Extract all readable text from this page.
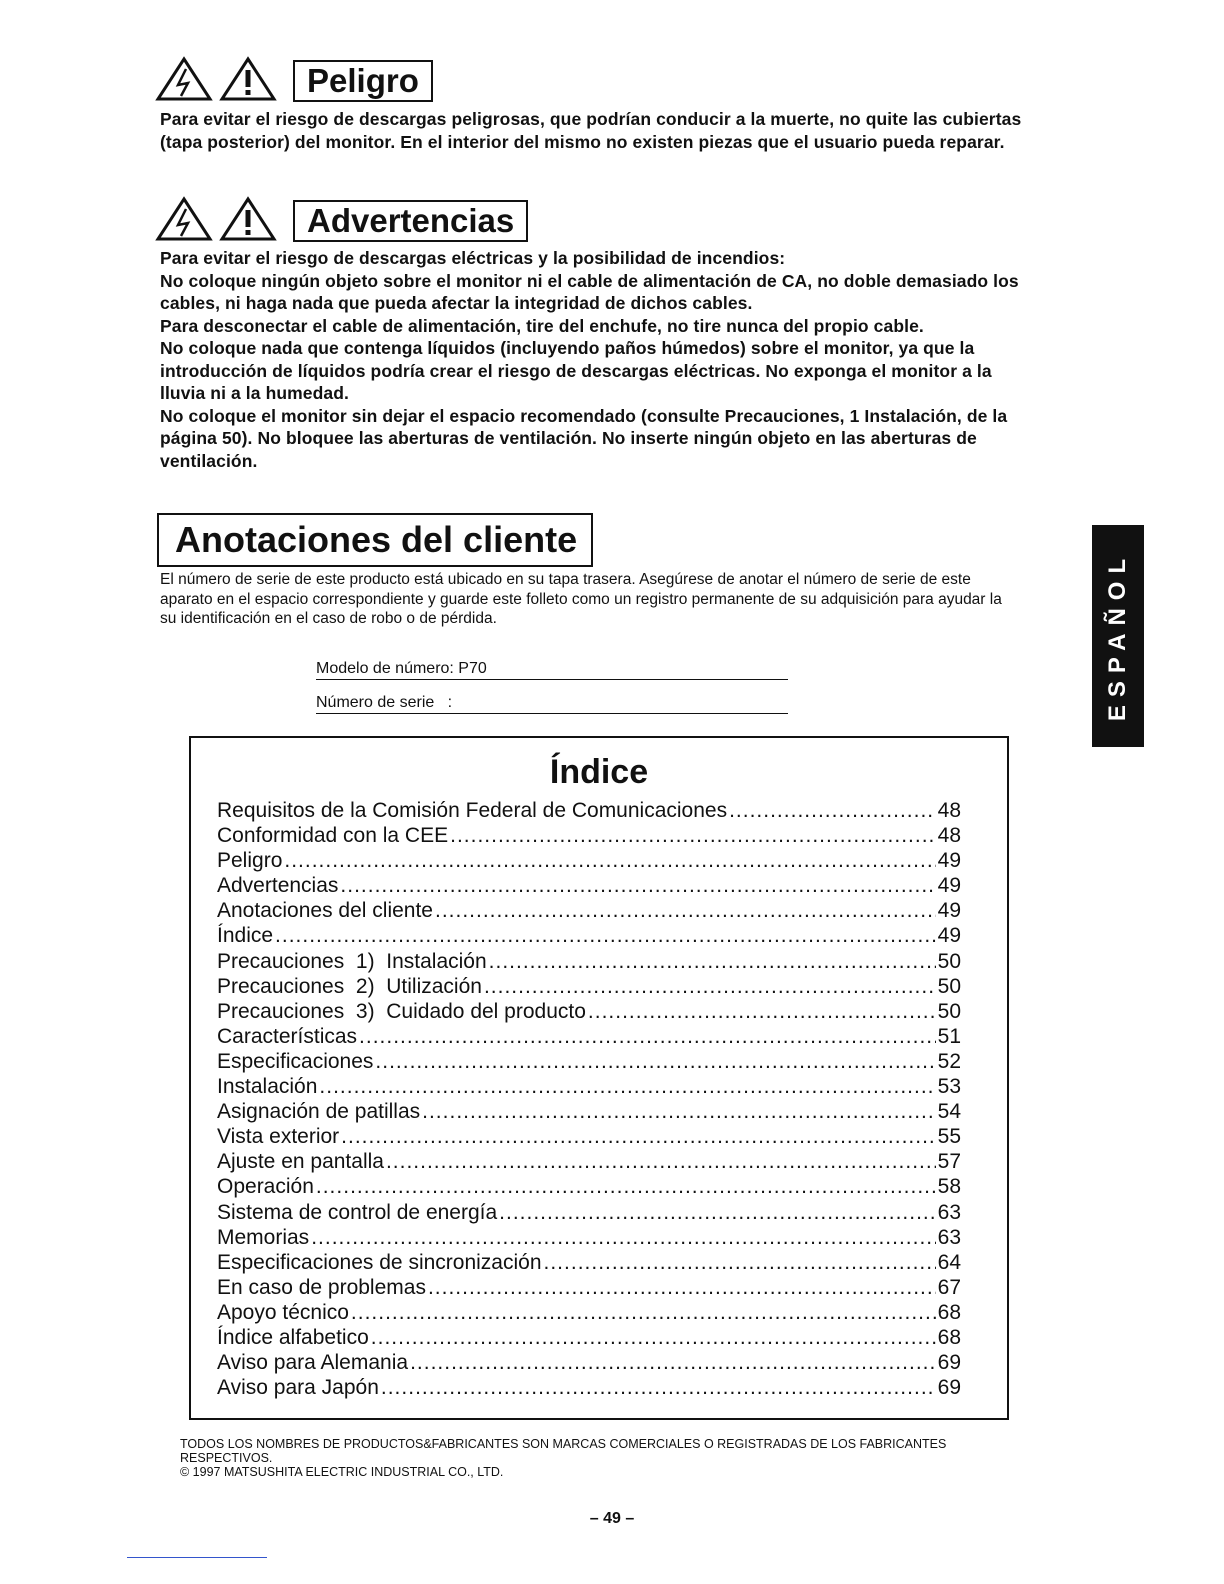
Peligro

Para evitar el riesgo de descargas peligrosas, que podrían conducir a la muerte, no quite las cubiertas (tapa posterior) del monitor. En el interior del mismo no existen piezas que el usuario pueda reparar.

Advertencias

Para evitar el riesgo de descargas eléctricas y la posibilidad de incendios:

No coloque ningún objeto sobre el monitor ni el cable de alimentación de CA, no doble demasiado los cables, ni haga nada que pueda afectar la integridad de dichos cables.

Para desconectar el cable de alimentación, tire del enchufe, no tire nunca del propio cable.

No coloque nada que contenga líquidos (incluyendo paños húmedos) sobre el monitor, ya que la introducción de líquidos podría crear el riesgo de descargas eléctricas. No exponga el monitor a la lluvia ni a la humedad.

No coloque el monitor sin dejar el espacio recomendado (consulte Precauciones, 1 Instalación, de la página 50). No bloquee las aberturas de ventilación. No inserte ningún objeto en las aberturas de ventilación.

Anotaciones del cliente
El número de serie de este producto está ubicado en su tapa trasera. Asegúrese de anotar el número de serie de este aparato en el espacio correspondiente y guarde este folleto como un registro permanente de su adquisición para ayudar la su identificación en el caso de robo o de pérdida.
Modelo de número: P70
Número de serie   :
Índice
Requisitos de la Comisión Federal de Comunicaciones .....	48
Conformidad con la CEE .....	48
Peligro .....	49
Advertencias .....	49
Anotaciones del cliente .....	49
Índice .....	49
Precauciones  1)  Instalación .....	50
Precauciones  2)  Utilización .....	50
Precauciones  3)  Cuidado del producto .....	50
Características .....	51
Especificaciones .....	52
Instalación .....	53
Asignación de patillas .....	54
Vista exterior .....	55
Ajuste en pantalla .....	57
Operación .....	58
Sistema de control de energía .....	63
Memorias .....	63
Especificaciones de sincronización .....	64
En caso de problemas .....	67
Apoyo técnico .....	68
Índice alfabetico .....	68
Aviso para Alemania .....	69
Aviso para Japón .....	69

TODOS LOS NOMBRES DE PRODUCTOS&FABRICANTES SON MARCAS COMERCIALES O REGISTRADAS DE LOS FABRICANTES RESPECTIVOS.

© 1997 MATSUSHITA ELECTRIC INDUSTRIAL CO., LTD.

– 49 –
ESPAÑOL
